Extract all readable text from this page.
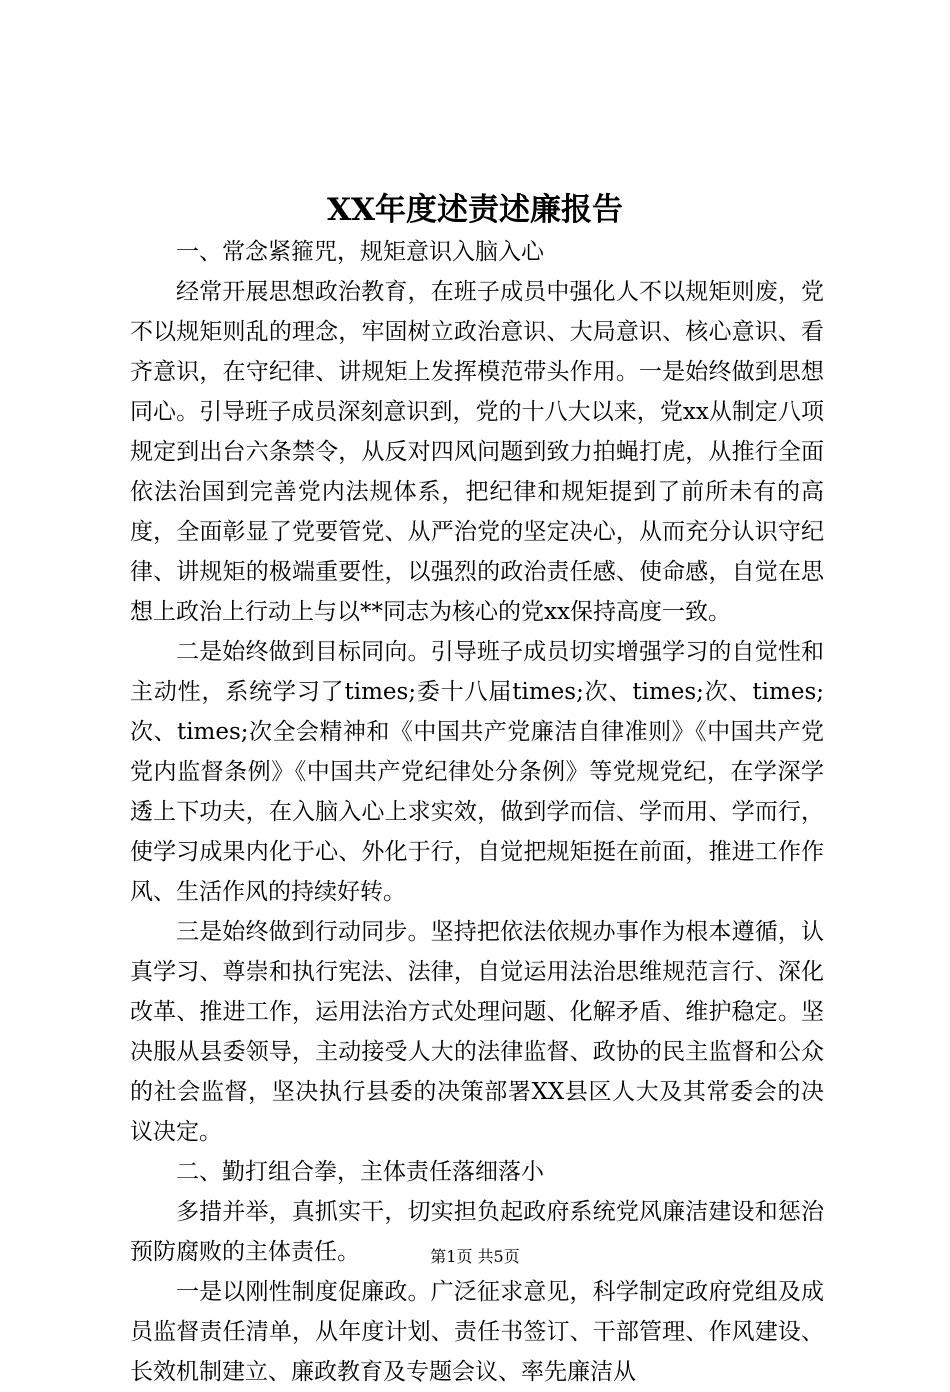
XX年度述责述廉报告

一、常念紧箍咒，规矩意识入脑入心

经常开展思想政治教育，在班子成员中强化人不以规矩则废，党不以规矩则乱的理念，牢固树立政治意识、大局意识、核心意识、看齐意识，在守纪律、讲规矩上发挥模范带头作用。一是始终做到思想同心。引导班子成员深刻意识到，党的十八大以来，党xx从制定八项规定到出台六条禁令，从反对四风问题到致力拍蝇打虎，从推行全面依法治国到完善党内法规体系，把纪律和规矩提到了前所未有的高度，全面彰显了党要管党、从严治党的坚定决心，从而充分认识守纪律、讲规矩的极端重要性，以强烈的政治责任感、使命感，自觉在思想上政治上行动上与以**同志为核心的党xx保持高度一致。

二是始终做到目标同向。引导班子成员切实增强学习的自觉性和主动性，系统学习了times;委十八届times;次、times;次、times;次、times;次全会精神和《中国共产党廉洁自律准则》《中国共产党党内监督条例》《中国共产党纪律处分条例》等党规党纪，在学深学透上下功夫，在入脑入心上求实效，做到学而信、学而用、学而行，使学习成果内化于心、外化于行，自觉把规矩挺在前面，推进工作作风、生活作风的持续好转。

三是始终做到行动同步。坚持把依法依规办事作为根本遵循，认真学习、尊崇和执行宪法、法律，自觉运用法治思维规范言行、深化改革、推进工作，运用法治方式处理问题、化解矛盾、维护稳定。坚决服从县委领导，主动接受人大的法律监督、政协的民主监督和公众的社会监督，坚决执行县委的决策部署XX县区人大及其常委会的决议决定。

二、勤打组合拳，主体责任落细落小

多措并举，真抓实干，切实担负起政府系统党风廉洁建设和惩治预防腐败的主体责任。

一是以刚性制度促廉政。广泛征求意见，科学制定政府党组及成员监督责任清单，从年度计划、责任书签订、干部管理、作风建设、长效机制建立、廉政教育及专题会议、率先廉洁从

第1页 共5页
